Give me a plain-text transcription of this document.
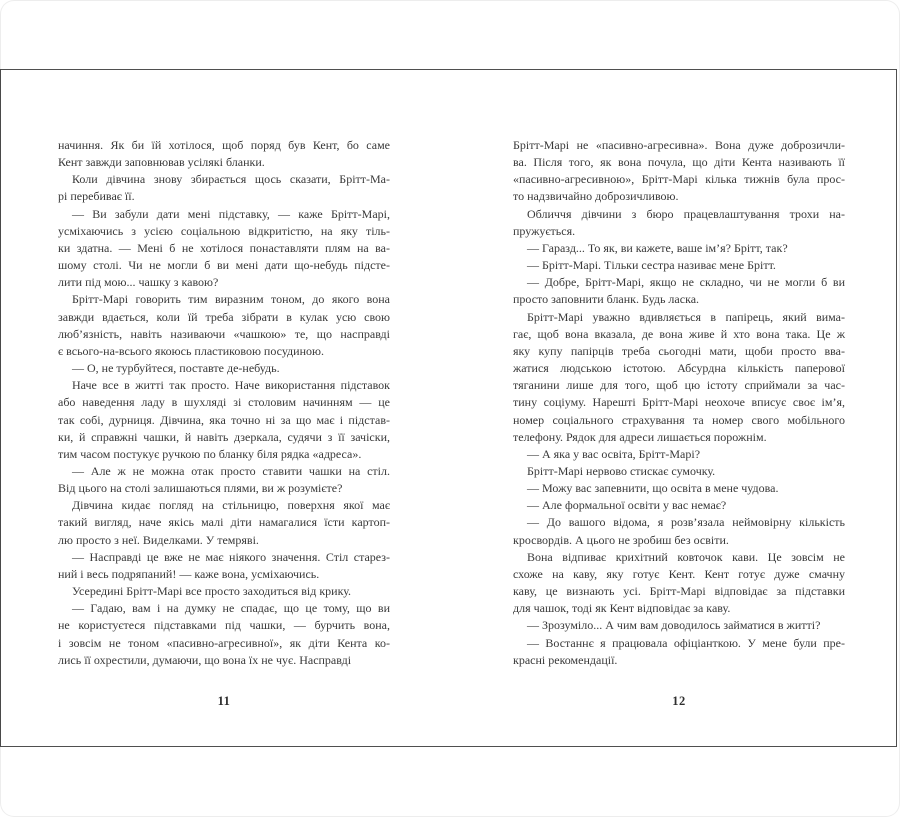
начиння. Як би їй хотілося, щоб поряд був Кент, бо саме
Кент завжди заповнював усілякі бланки.
Коли дівчина знову збирається щось сказати, Брітт-Ма-
рі перебиває її.
— Ви забули дати мені підставку, — каже Брітт-Марі,
усміхаючись з усією соціальною відкритістю, на яку тіль-
ки здатна. — Мені б не хотілося понаставляти плям на ва-
шому столі. Чи не могли б ви мені дати що-небудь підсте-
лити під мою... чашку з кавою?
Брітт-Марі говорить тим виразним тоном, до якого вона
завжди вдається, коли їй треба зібрати в кулак усю свою
люб’язність, навіть називаючи «чашкою» те, що насправді
є всього-на-всього якоюсь пластиковою посудиною.
— О, не турбуйтеся, поставте де-небудь.
Наче все в житті так просто. Наче використання підставок
або наведення ладу в шухляді зі столовим начинням — це
так собі, дурниця. Дівчина, яка точно ні за що має і підстав-
ки, й справжні чашки, й навіть дзеркала, судячи з її зачіски,
тим часом постукує ручкою по бланку біля рядка «адреса».
— Але ж не можна отак просто ставити чашки на стіл.
Від цього на столі залишаються плями, ви ж розумієте?
Дівчина кидає погляд на стільницю, поверхня якої має
такий вигляд, наче якісь малі діти намагалися їсти картоп-
лю просто з неї. Виделками. У темряві.
— Насправді це вже не має ніякого значення. Стіл старез-
ний і весь подряпаний! — каже вона, усміхаючись.
Усередині Брітт-Марі все просто заходиться від крику.
— Гадаю, вам і на думку не спадає, що це тому, що ви
не користуєтеся підставками під чашки, — бурчить вона,
і зовсім не тоном «пасивно-агресивної», як діти Кента ко-
лись її охрестили, думаючи, що вона їх не чує. Насправді
Брітт-Марі не «пасивно-агресивна». Вона дуже доброзичли-
ва. Після того, як вона почула, що діти Кента називають її
«пасивно-агресивною», Брітт-Марі кілька тижнів була прос-
то надзвичайно доброзичливою.
Обличчя дівчини з бюро працевлаштування трохи на-
пружується.
— Гаразд... То як, ви кажете, ваше ім’я? Брітт, так?
— Брітт-Марі. Тільки сестра називає мене Брітт.
— Добре, Брітт-Марі, якщо не складно, чи не могли б ви
просто заповнити бланк. Будь ласка.
Брітт-Марі уважно вдивляється в папірець, який вима-
гає, щоб вона вказала, де вона живе й хто вона така. Це ж
яку купу папірців треба сьогодні мати, щоби просто вва-
жатися людською істотою. Абсурдна кількість паперової
тяганини лише для того, щоб цю істоту сприймали за час-
тину соціуму. Нарешті Брітт-Марі неохоче вписує своє ім’я,
номер соціального страхування та номер свого мобільного
телефону. Рядок для адреси лишається порожнім.
— А яка у вас освіта, Брітт-Марі?
Брітт-Марі нервово стискає сумочку.
— Можу вас запевнити, що освіта в мене чудова.
— Але формальної освіти у вас немає?
— До вашого відома, я розв’язала неймовірну кількість
кросвордів. А цього не зробиш без освіти.
Вона відпиває крихітний ковточок кави. Це зовсім не
схоже на каву, яку готує Кент. Кент готує дуже смачну
каву, це визнають усі. Брітт-Марі відповідає за підставки
для чашок, тоді як Кент відповідає за каву.
— Зрозуміло... А чим вам доводилось займатися в житті?
— Востаннє я працювала офіціанткою. У мене були пре-
красні рекомендації.
11	12
